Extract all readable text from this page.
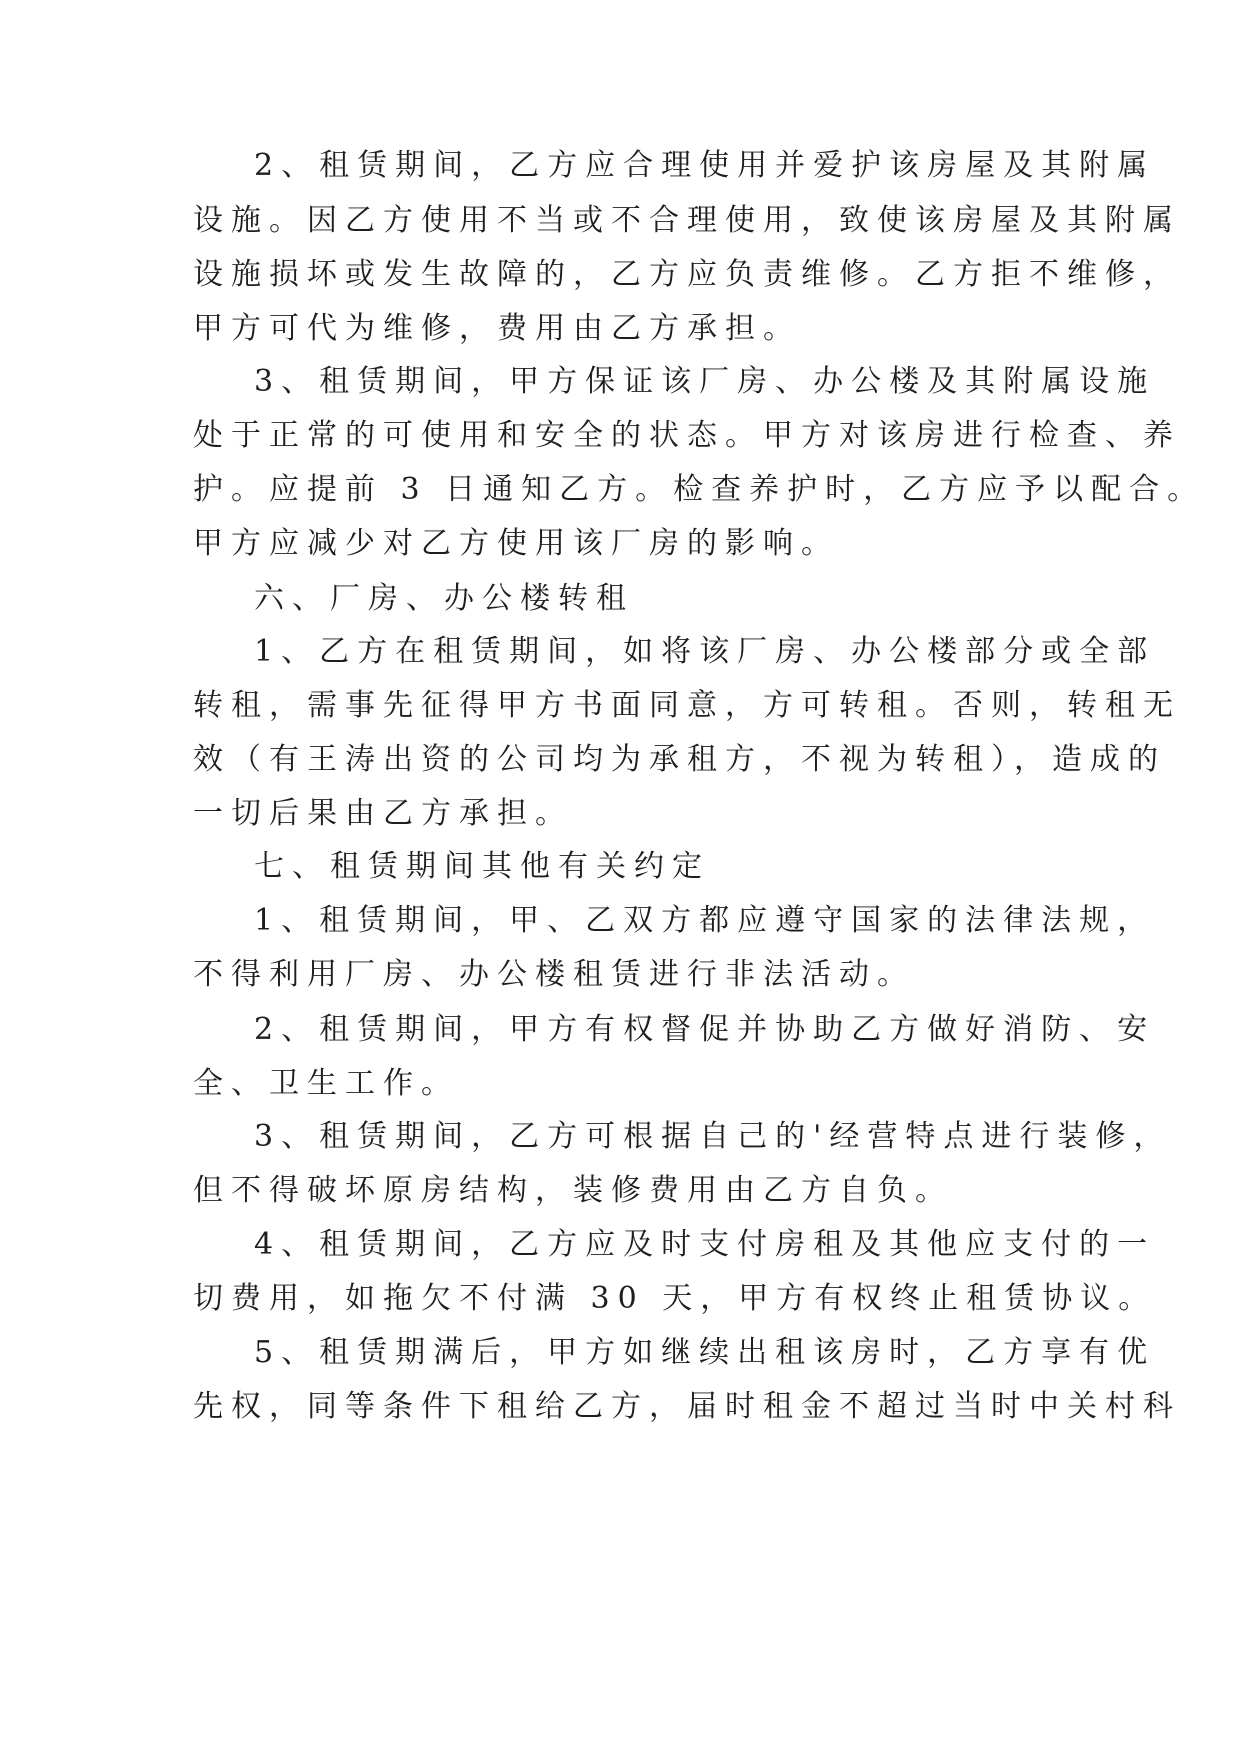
2、租赁期间，乙方应合理使用并爱护该房屋及其附属

设施。因乙方使用不当或不合理使用，致使该房屋及其附属

设施损坏或发生故障的，乙方应负责维修。乙方拒不维修，

甲方可代为维修，费用由乙方承担。

3、租赁期间，甲方保证该厂房、办公楼及其附属设施

处于正常的可使用和安全的状态。甲方对该房进行检查、养

护。应提前 3 日通知乙方。检查养护时，乙方应予以配合。

甲方应减少对乙方使用该厂房的影响。

六、厂房、办公楼转租

1、乙方在租赁期间，如将该厂房、办公楼部分或全部

转租，需事先征得甲方书面同意，方可转租。否则，转租无

效（有王涛出资的公司均为承租方，不视为转租），造成的

一切后果由乙方承担。

七、租赁期间其他有关约定

1、租赁期间，甲、乙双方都应遵守国家的法律法规，

不得利用厂房、办公楼租赁进行非法活动。

2、租赁期间，甲方有权督促并协助乙方做好消防、安

全、卫生工作。

3、租赁期间，乙方可根据自己的'经营特点进行装修，

但不得破坏原房结构，装修费用由乙方自负。

4、租赁期间，乙方应及时支付房租及其他应支付的一

切费用，如拖欠不付满 30 天，甲方有权终止租赁协议。

5、租赁期满后，甲方如继续出租该房时，乙方享有优

先权，同等条件下租给乙方，届时租金不超过当时中关村科
